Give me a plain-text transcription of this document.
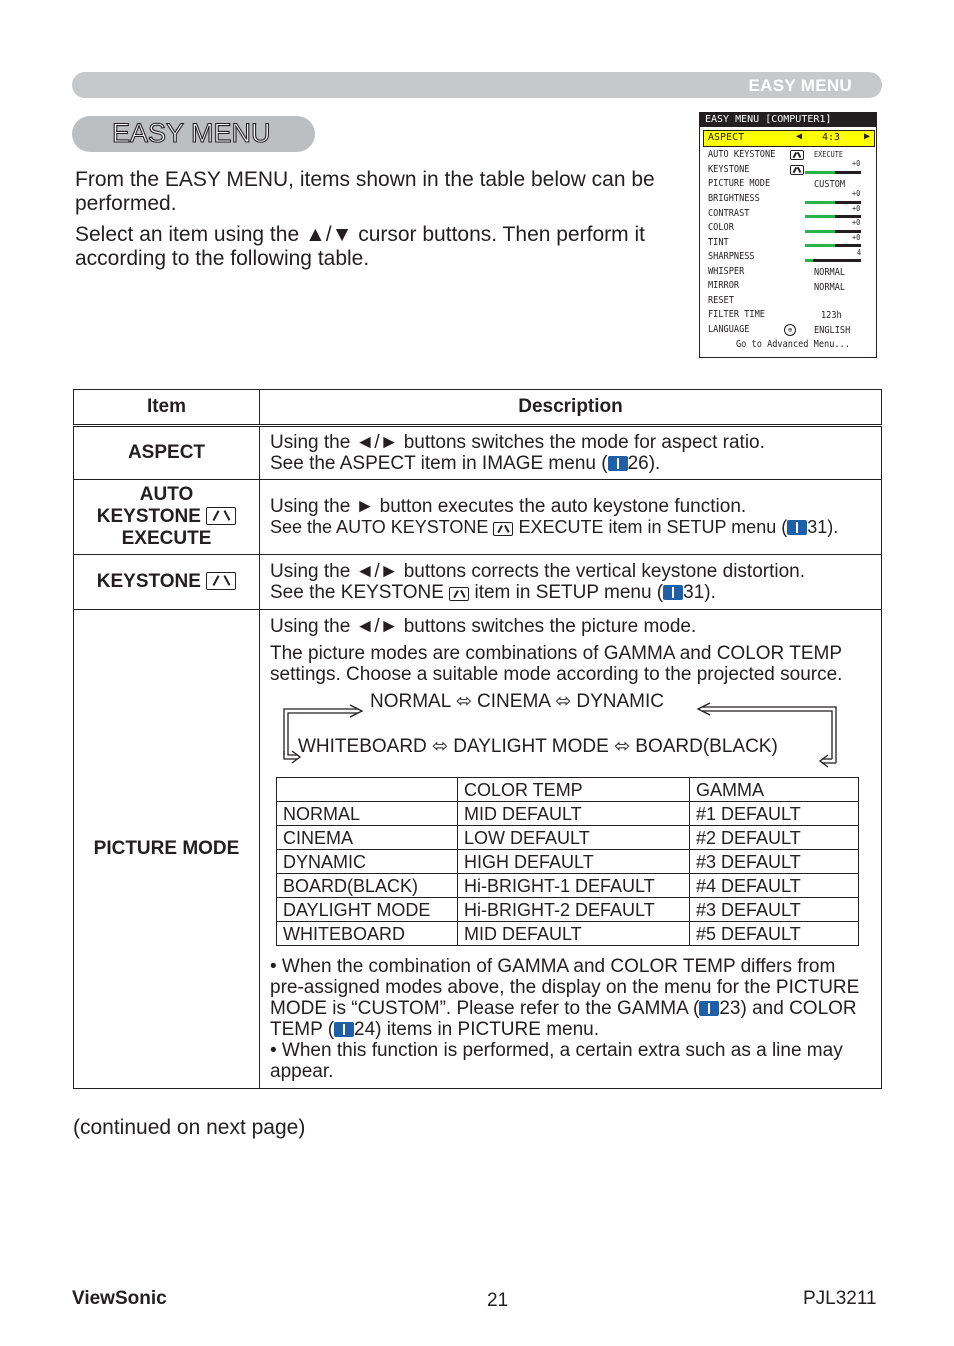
EASY MENU
EASY MENU
From the EASY MENU, items shown in the table below can be performed.
Select an item using the ▲/▼ cursor buttons. Then perform it according to the following table.
EASY MENU [COMPUTER1]
ASPECT	◀ 4:3 ▶
AUTO KEYSTONE	EXECUTE
KEYSTONE
+0
PICTURE MODE	CUSTOM
BRIGHTNESS	+0
CONTRAST	+0
COLOR	+0
TINT	+0
SHARPNESS	4
WHISPER	NORMAL
MIRROR	NORMAL
RESET
FILTER TIME	123h
LANGUAGE	⊕	ENGLISH
Go to Advanced Menu...
Item	Description
ASPECT	Using the ◄/► buttons switches the mode for aspect ratio.
See the ASPECT item in IMAGE menu ( 26).

AUTO
KEYSTONE
EXECUTE

Using the ► button executes the auto keystone function.
See the AUTO KEYSTONE EXECUTE item in SETUP menu ( 31).

KEYSTONE	Using the ◄/► buttons corrects the vertical keystone distortion.
See the KEYSTONE item in SETUP menu ( 31).

PICTURE MODE	
Using the ◄/► buttons switches the picture mode.
The picture modes are combinations of GAMMA and COLOR TEMP settings. Choose a suitable mode according to the projected source.
NORMAL ⬄ CINEMA ⬄ DYNAMIC
WHITEBOARD ⬄ DAYLIGHT MODE ⬄ BOARD(BLACK)
	COLOR TEMP	GAMMA
NORMAL	MID DEFAULT	#1 DEFAULT
CINEMA	LOW DEFAULT	#2 DEFAULT
DYNAMIC	HIGH DEFAULT	#3 DEFAULT
BOARD(BLACK)	Hi-BRIGHT-1 DEFAULT	#4 DEFAULT
DAYLIGHT MODE	Hi-BRIGHT-2 DEFAULT	#3 DEFAULT
WHITEBOARD	MID DEFAULT	#5 DEFAULT
• When the combination of GAMMA and COLOR TEMP differs from pre-assigned modes above, the display on the menu for the PICTURE MODE is “CUSTOM”. Please refer to the GAMMA ( 23) and COLOR TEMP ( 24) items in PICTURE menu.
• When this function is performed, a certain extra such as a line may appear.
(continued on next page)
ViewSonic	21	PJL3211
